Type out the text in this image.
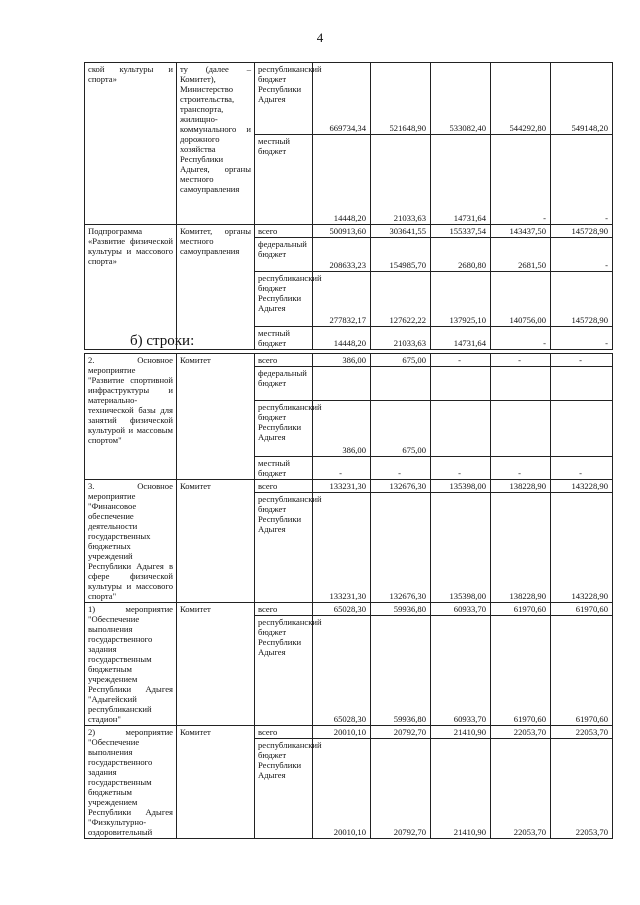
4
ской культуры и спорта»	ту (далее – Комитет), Министерство строительства, транспорта, жилищно-коммунального и дорожного хозяйства Республики Адыгея, органы местного самоуправления	республиканский бюджет Республики Адыгея	669734,34	521648,90	533082,40	544292,80	549148,20
		местный бюджет	14448,20	21033,63	14731,64	-	-
Подпрограмма «Развитие физической культуры и массового спорта»	Комитет, органы местного самоуправления	всего	500913,60	303641,55	155337,54	143437,50	145728,90
		федеральный бюджет	208633,23	154985,70	2680,80	2681,50	-
		республиканский бюджет Республики Адыгея	277832,17	127622,22	137925,10	140756,00	145728,90
		местный бюджет	14448,20	21033,63	14731,64	-	-
б) строки:
2. Основное мероприятие "Развитие спортивной инфраструктуры и материально-технической базы для занятий физической культурой и массовым спортом"	Комитет	всего	386,00	675,00	-	-	-
		федеральный бюджет					
		республиканский бюджет Республики Адыгея	386,00	675,00			
		местный бюджет	-	-	-	-	-
3. Основное мероприятие "Финансовое обеспечение деятельности государственных бюджетных учреждений Республики Адыгея в сфере физической культуры и массового спорта"	Комитет	всего	133231,30	132676,30	135398,00	138228,90	143228,90
		республиканский бюджет Республики Адыгея	133231,30	132676,30	135398,00	138228,90	143228,90
1) мероприятие "Обеспечение выполнения государственного задания государственным бюджетным учреждением Республики Адыгея "Адыгейский республиканский стадион"	Комитет	всего	65028,30	59936,80	60933,70	61970,60	61970,60
		республиканский бюджет Республики Адыгея	65028,30	59936,80	60933,70	61970,60	61970,60
2) мероприятие "Обеспечение выполнения государственного задания государственным бюджетным учреждением Республики Адыгея "Физкультурно-оздоровительный	Комитет	всего	20010,10	20792,70	21410,90	22053,70	22053,70
		республиканский бюджет Республики Адыгея	20010,10	20792,70	21410,90	22053,70	22053,70
